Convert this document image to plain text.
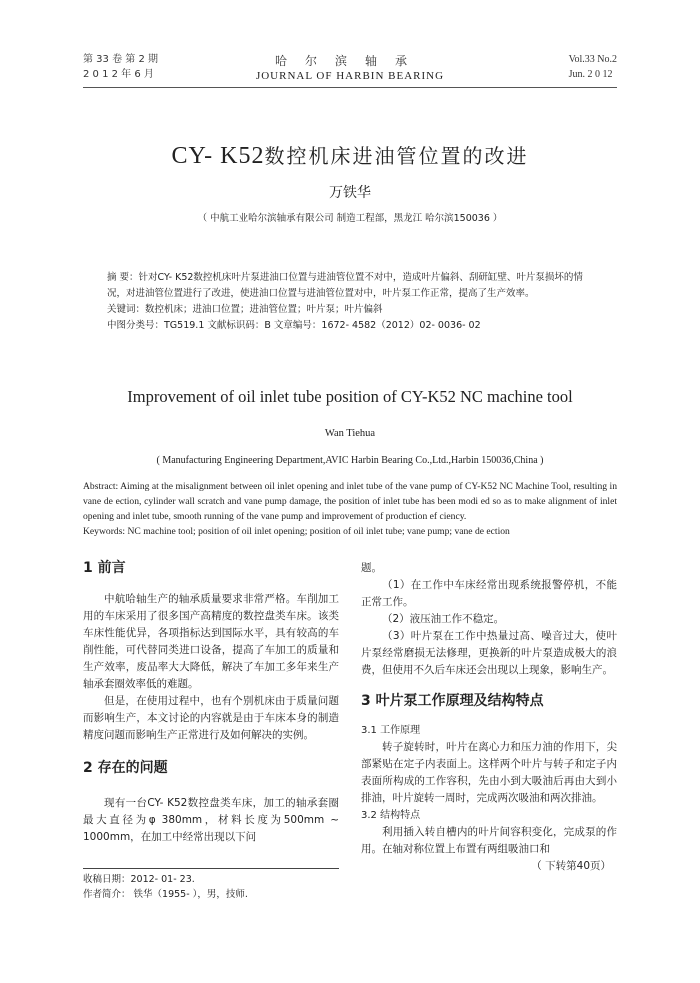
第 33 卷 第 2 期
2 0 1 2 年 6 月
哈尔滨轴承
JOURNAL OF HARBIN BEARING
Vol.33 No.2
Jun. 2 0 12
CY- K52数控机床进油管位置的改进
万铁华
（ 中航工业哈尔滨轴承有限公司 制造工程部，黑龙江 哈尔滨150036 ）
摘 要：针对CY- K52数控机床叶片泵进油口位置与进油管位置不对中，造成叶片偏斜、刮研缸壁、叶片泵损坏的情况，对进油管位置进行了改进，使进油口位置与进油管位置对中，叶片泵工作正常，提高了生产效率。
关键词：数控机床；进油口位置；进油管位置；叶片泵；叶片偏斜
中图分类号：TG519.1 文献标识码：B 文章编号：1672- 4582（2012）02- 0036- 02
Improvement of oil inlet tube position of CY-K52 NC machine tool
Wan Tiehua
( Manufacturing Engineering Department,AVIC Harbin Bearing Co.,Ltd.,Harbin 150036,China )
Abstract: Aiming at the misalignment between oil inlet opening and inlet tube of the vane pump of CY-K52 NC Machine Tool, resulting in vane de ection, cylinder wall scratch and vane pump damage, the position of inlet tube has been modi ed so as to make alignment of inlet opening and inlet tube, smooth running of the vane pump and improvement of production ef ciency.
Keywords: NC machine tool; position of oil inlet opening; position of oil inlet tube; vane pump; vane de ection
1 前言

中航哈轴生产的轴承质量要求非常严格。车削加工用的车床采用了很多国产高精度的数控盘类车床。该类车床性能优异，各项指标达到国际水平，具有较高的车削性能，可代替同类进口设备，提高了车加工的质量和生产效率，废品率大大降低，解决了车加工多年来生产轴承套圈效率低的难题。

但是，在使用过程中，也有个别机床由于质量问题而影响生产，本文讨论的内容就是由于车床本身的制造精度问题而影响生产正常进行及如何解决的实例。

2 存在的问题

现有一台CY- K52数控盘类车床，加工的轴承套圈最大直径为φ 380mm，材料长度为500mm ~ 1000mm，在加工中经常出现以下问

题。

（1）在工作中车床经常出现系统报警停机，不能正常工作。

（2）液压油工作不稳定。

（3）叶片泵在工作中热量过高、噪音过大，使叶片泵经常磨损无法修理，更换新的叶片泵造成极大的浪费，但使用不久后车床还会出现以上现象，影响生产。

3 叶片泵工作原理及结构特点

3.1 工作原理

转子旋转时，叶片在离心力和压力油的作用下，尖部紧贴在定子内表面上。这样两个叶片与转子和定子内表面所构成的工作容积，先由小到大吸油后再由大到小排油，叶片旋转一周时，完成两次吸油和两次排油。

3.2 结构特点

利用插入转自槽内的叶片间容积变化，完成泵的作用。在轴对称位置上布置有两组吸油口和

（ 下转第40页）

收稿日期：2012- 01- 23.
作者简介： 铁华（1955- ），男，技师.
